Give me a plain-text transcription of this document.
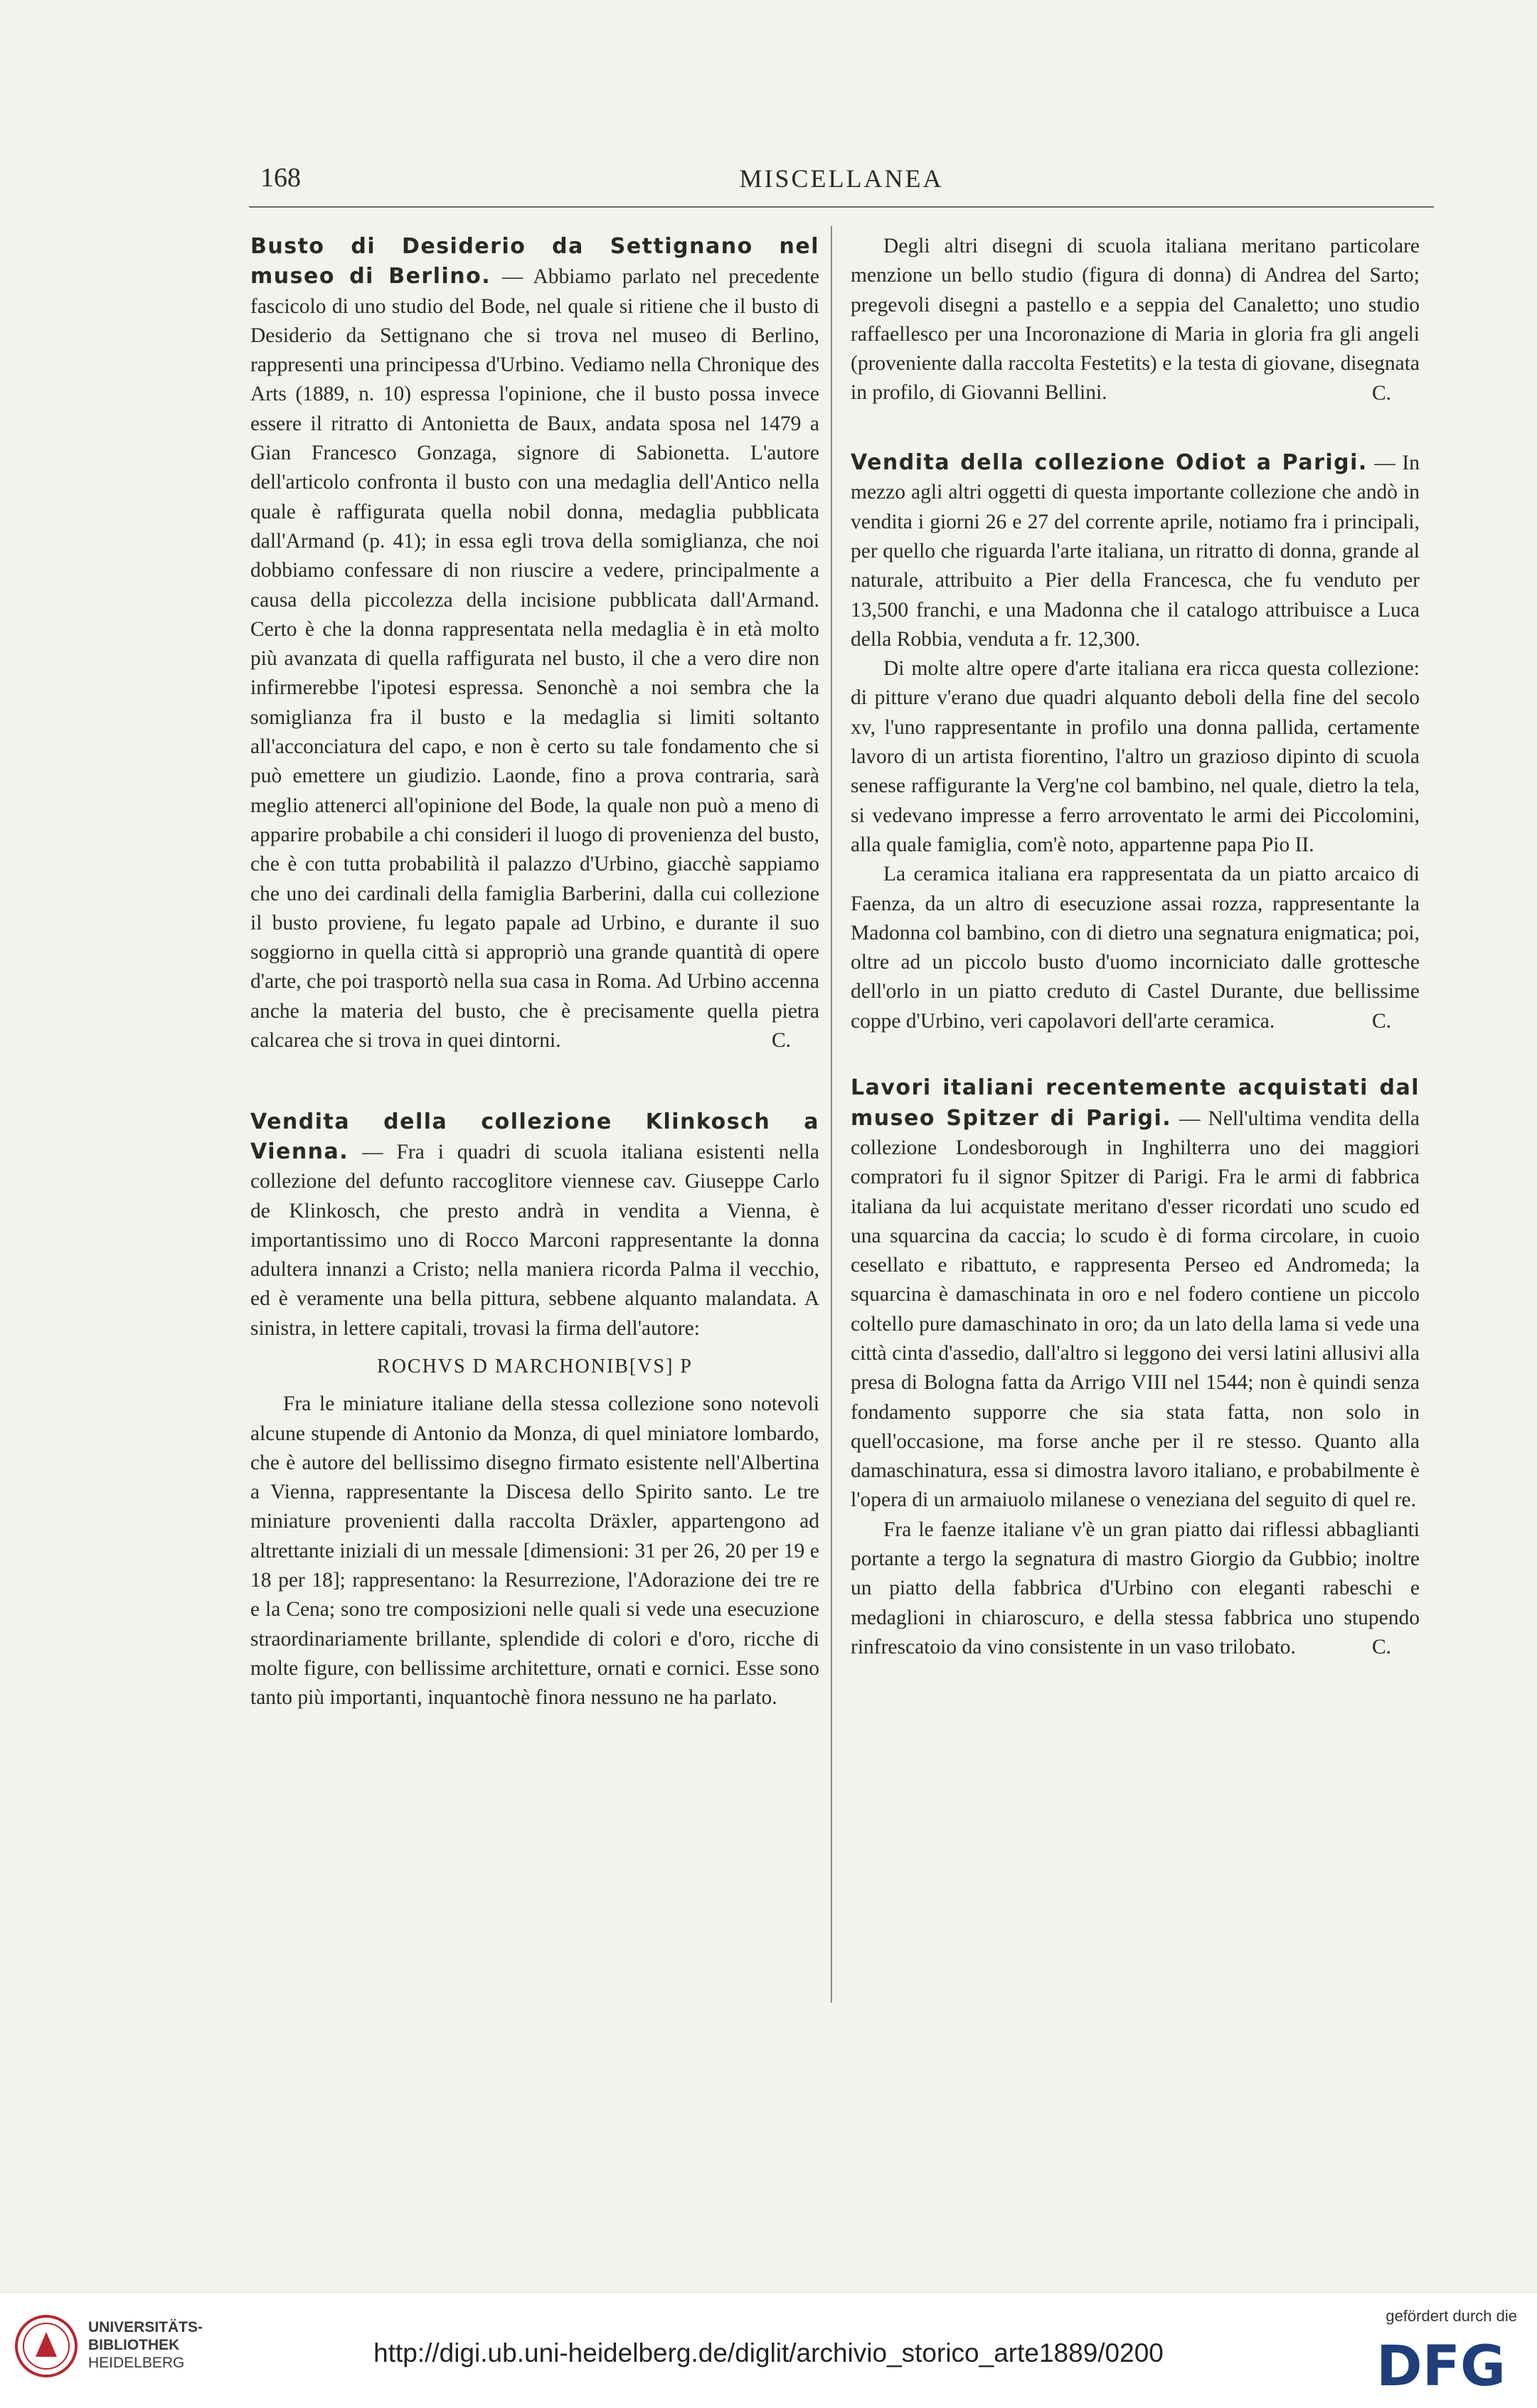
168	MISCELLANEA

Busto di Desiderio da Settignano nel museo di Berlino. — Abbiamo parlato nel precedente fascicolo di uno studio del Bode, nel quale si ritiene che il busto di Desiderio da Settignano che si trova nel museo di Berlino, rappresenti una principessa d'Urbino. Vediamo nella Chronique des Arts (1889, n. 10) espressa l'opinione, che il busto possa invece essere il ritratto di Antonietta de Baux, andata sposa nel 1479 a Gian Francesco Gonzaga, signore di Sabionetta. L'autore dell'articolo confronta il busto con una medaglia dell'Antico nella quale è raffigurata quella nobil donna, medaglia pubblicata dall'Armand (p. 41); in essa egli trova della somiglianza, che noi dobbiamo confessare di non riuscire a vedere, principalmente a causa della piccolezza della incisione pubblicata dall'Armand. Certo è che la donna rappresentata nella medaglia è in età molto più avanzata di quella raffigurata nel busto, il che a vero dire non infirmerebbe l'ipotesi espressa. Senonchè a noi sembra che la somiglianza fra il busto e la medaglia si limiti soltanto all'acconciatura del capo, e non è certo su tale fondamento che si può emettere un giudizio. Laonde, fino a prova contraria, sarà meglio attenerci all'opinione del Bode, la quale non può a meno di apparire probabile a chi consideri il luogo di provenienza del busto, che è con tutta probabilità il palazzo d'Urbino, giacchè sappiamo che uno dei cardinali della famiglia Barberini, dalla cui collezione il busto proviene, fu legato papale ad Urbino, e durante il suo soggiorno in quella città si appropriò una grande quantità di opere d'arte, che poi trasportò nella sua casa in Roma. Ad Urbino accenna anche la materia del busto, che è precisamente quella pietra calcarea che si trova in quei dintorni.	C.

Vendita della collezione Klinkosch a Vienna. — Fra i quadri di scuola italiana esistenti nella collezione del defunto raccoglitore viennese cav. Giuseppe Carlo de Klinkosch, che presto andrà in vendita a Vienna, è importantissimo uno di Rocco Marconi rappresentante la donna adultera innanzi a Cristo; nella maniera ricorda Palma il vecchio, ed è veramente una bella pittura, sebbene alquanto malandata. A sinistra, in lettere capitali, trovasi la firma dell'autore:

ROCHVS D MARCHONIB[VS] P

Fra le miniature italiane della stessa collezione sono notevoli alcune stupende di Antonio da Monza, di quel miniatore lombardo, che è autore del bellissimo disegno firmato esistente nell'Albertina a Vienna, rappresentante la Discesa dello Spirito santo. Le tre miniature provenienti dalla raccolta Dräxler, appartengono ad altrettante iniziali di un messale [dimensioni: 31 per 26, 20 per 19 e 18 per 18]; rappresentano: la Resurrezione, l'Adorazione dei tre re e la Cena; sono tre composizioni nelle quali si vede una esecuzione straordinariamente brillante, splendide di colori e d'oro, ricche di molte figure, con bellissime architetture, ornati e cornici. Esse sono tanto più importanti, inquantochè finora nessuno ne ha parlato.

Degli altri disegni di scuola italiana meritano particolare menzione un bello studio (figura di donna) di Andrea del Sarto; pregevoli disegni a pastello e a seppia del Canaletto; uno studio raffaellesco per una Incoronazione di Maria in gloria fra gli angeli (proveniente dalla raccolta Festetits) e la testa di giovane, disegnata in profilo, di Giovanni Bellini.	C.

Vendita della collezione Odiot a Parigi. — In mezzo agli altri oggetti di questa importante collezione che andò in vendita i giorni 26 e 27 del corrente aprile, notiamo fra i principali, per quello che riguarda l'arte italiana, un ritratto di donna, grande al naturale, attribuito a Pier della Francesca, che fu venduto per 13,500 franchi, e una Madonna che il catalogo attribuisce a Luca della Robbia, venduta a fr. 12,300.

Di molte altre opere d'arte italiana era ricca questa collezione: di pitture v'erano due quadri alquanto deboli della fine del secolo xv, l'uno rappresentante in profilo una donna pallida, certamente lavoro di un artista fiorentino, l'altro un grazioso dipinto di scuola senese raffigurante la Verg'ne col bambino, nel quale, dietro la tela, si vedevano impresse a ferro arroventato le armi dei Piccolomini, alla quale famiglia, com'è noto, appartenne papa Pio II.

La ceramica italiana era rappresentata da un piatto arcaico di Faenza, da un altro di esecuzione assai rozza, rappresentante la Madonna col bambino, con di dietro una segnatura enigmatica; poi, oltre ad un piccolo busto d'uomo incorniciato dalle grottesche dell'orlo in un piatto creduto di Castel Durante, due bellissime coppe d'Urbino, veri capolavori dell'arte ceramica.	C.

Lavori italiani recentemente acquistati dal museo Spitzer di Parigi. — Nell'ultima vendita della collezione Londesborough in Inghilterra uno dei maggiori compratori fu il signor Spitzer di Parigi. Fra le armi di fabbrica italiana da lui acquistate meritano d'esser ricordati uno scudo ed una squarcina da caccia; lo scudo è di forma circolare, in cuoio cesellato e ribattuto, e rappresenta Perseo ed Andromeda; la squarcina è damaschinata in oro e nel fodero contiene un piccolo coltello pure damaschinato in oro; da un lato della lama si vede una città cinta d'assedio, dall'altro si leggono dei versi latini allusivi alla presa di Bologna fatta da Arrigo VIII nel 1544; non è quindi senza fondamento supporre che sia stata fatta, non solo in quell'occasione, ma forse anche per il re stesso. Quanto alla damaschinatura, essa si dimostra lavoro italiano, e probabilmente è l'opera di un armaiuolo milanese o veneziana del seguito di quel re.

Fra le faenze italiane v'è un gran piatto dai riflessi abbaglianti portante a tergo la segnatura di mastro Giorgio da Gubbio; inoltre un piatto della fabbrica d'Urbino con eleganti rabeschi e medaglioni in chiaroscuro, e della stessa fabbrica uno stupendo rinfrescatoio da vino consistente in un vaso trilobato.	C.
UNIVERSITÄTS-
BIBLIOTHEK
HEIDELBERG	http://digi.ub.uni-heidelberg.de/diglit/archivio_storico_arte1889/0200
gefördert durch die
DFG
